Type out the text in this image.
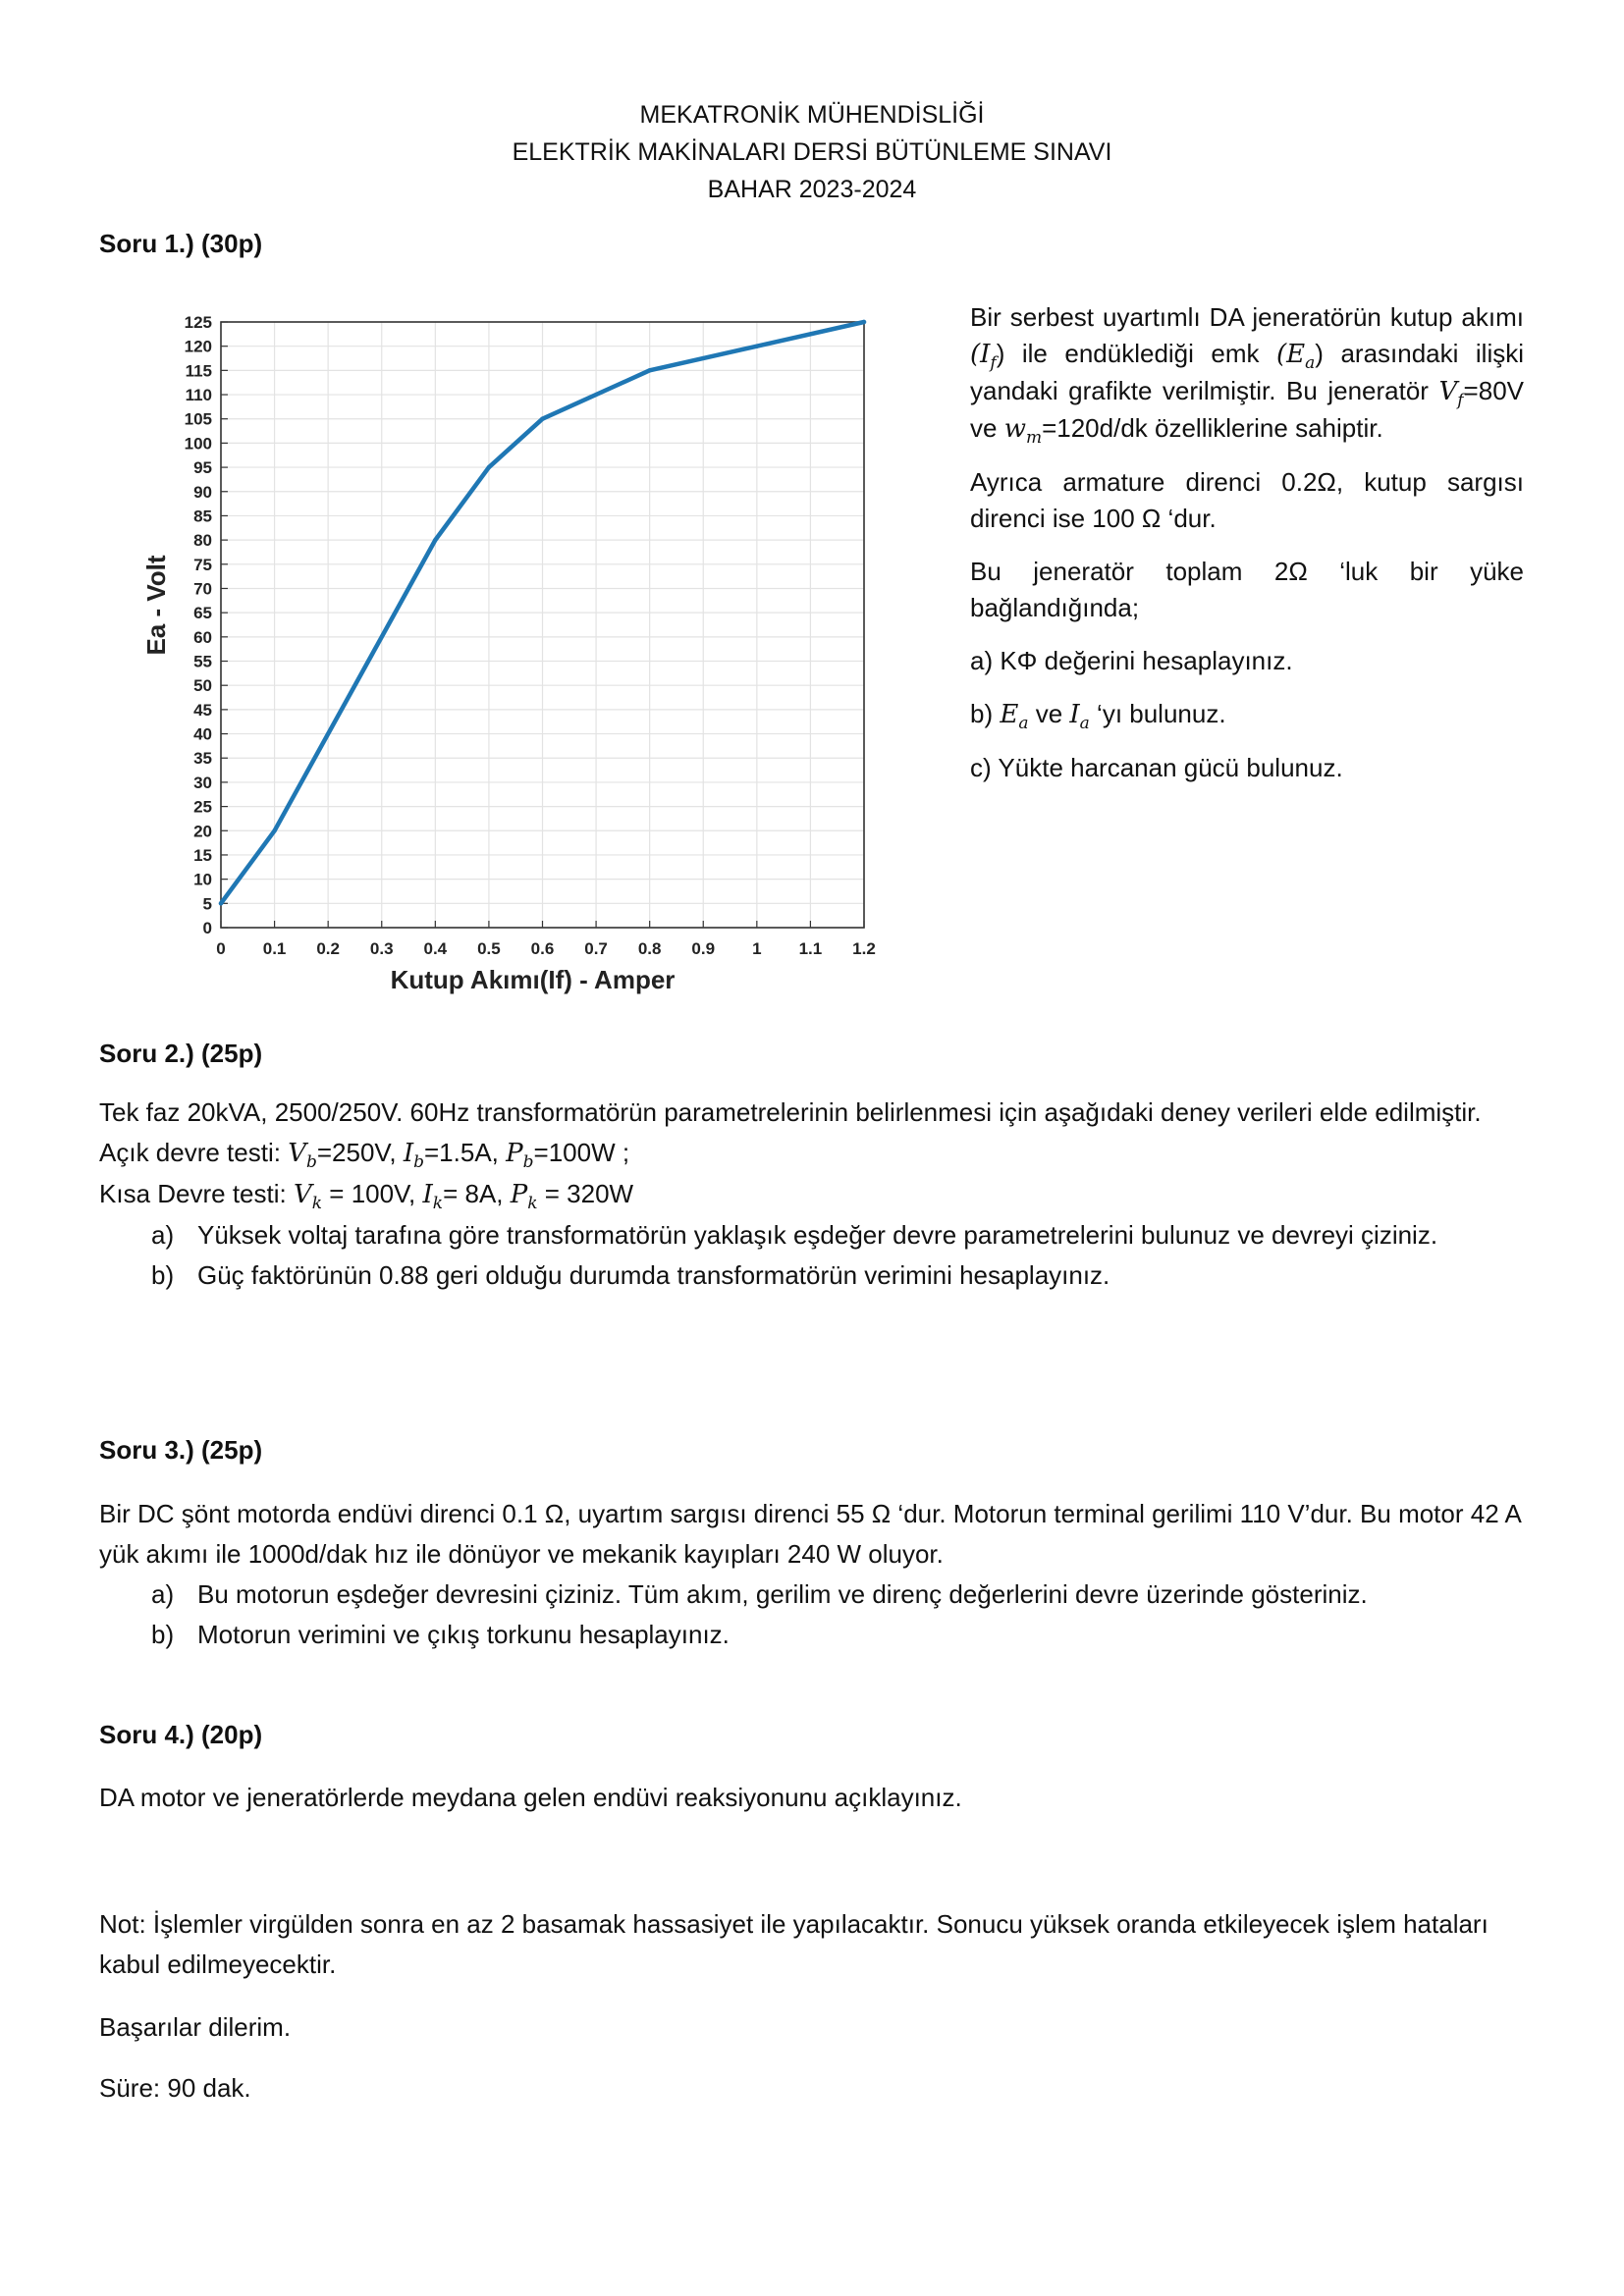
MEKATRONİK MÜHENDİSLİĞİ
ELEKTRİK MAKİNALARI DERSİ BÜTÜNLEME SINAVI
BAHAR 2023-2024
Soru 1.) (30p)
0 0.1 0.2 0.3 0.4 0.5 0.6 0.7 0.8 0.9 1 1.1 1.2
0
5
10
15
20
25
30
35
40
45
50
55
60
65
70
75
80
85
90
95
100
105
110
115
120
125
Kutup Akımı(If) - Amper
Ea - Volt

Bir serbest uyartımlı DA jeneratörün kutup akımı $(I_f)$ ile endüklediği emk $(E_a)$ arasındaki ilişki yandaki grafikte verilmiştir. Bu jeneratör $V_f=80V$ ve $w_m=120d/dk$ özelliklerine sahiptir.

Ayrıca armature direnci 0.2Ω, kutup sargısı direnci ise 100 Ω ‘dur.

Bu jeneratör toplam 2Ω ‘luk bir yüke bağlandığında;

a) KΦ değerini hesaplayınız.

b) $E_a$ ve $I_a$ ‘yı bulunuz.

c) Yükte harcanan gücü bulunuz.

Soru 2.) (25p)
Tek faz 20kVA, 2500/250V. 60Hz transformatörün parametrelerinin belirlenmesi için aşağıdaki deney verileri elde edilmiştir.
Açık devre testi: $V_b=250V$, $I_b=1.5A$, $P_b=100W$ ;
Kısa Devre testi: $V_k = 100V$, $I_k= 8A$, $P_k = 320W$
a) Yüksek voltaj tarafına göre transformatörün yaklaşık eşdeğer devre parametrelerini bulunuz ve devreyi çiziniz.
b) Güç faktörünün 0.88 geri olduğu durumda transformatörün verimini hesaplayınız.
Soru 3.) (25p)
Bir DC şönt motorda endüvi direnci 0.1 Ω, uyartım sargısı direnci 55 Ω ‘dur. Motorun terminal gerilimi 110 V’dur. Bu motor 42 A yük akımı ile 1000d/dak hız ile dönüyor ve mekanik kayıpları 240 W oluyor.
a) Bu motorun eşdeğer devresini çiziniz. Tüm akım, gerilim ve direnç değerlerini devre üzerinde gösteriniz.
b) Motorun verimini ve çıkış torkunu hesaplayınız.
Soru 4.) (20p)
DA motor ve jeneratörlerde meydana gelen endüvi reaksiyonunu açıklayınız.
Not: İşlemler virgülden sonra en az 2 basamak hassasiyet ile yapılacaktır. Sonucu yüksek oranda etkileyecek işlem hataları kabul edilmeyecektir.
Başarılar dilerim.
Süre: 90 dak.
